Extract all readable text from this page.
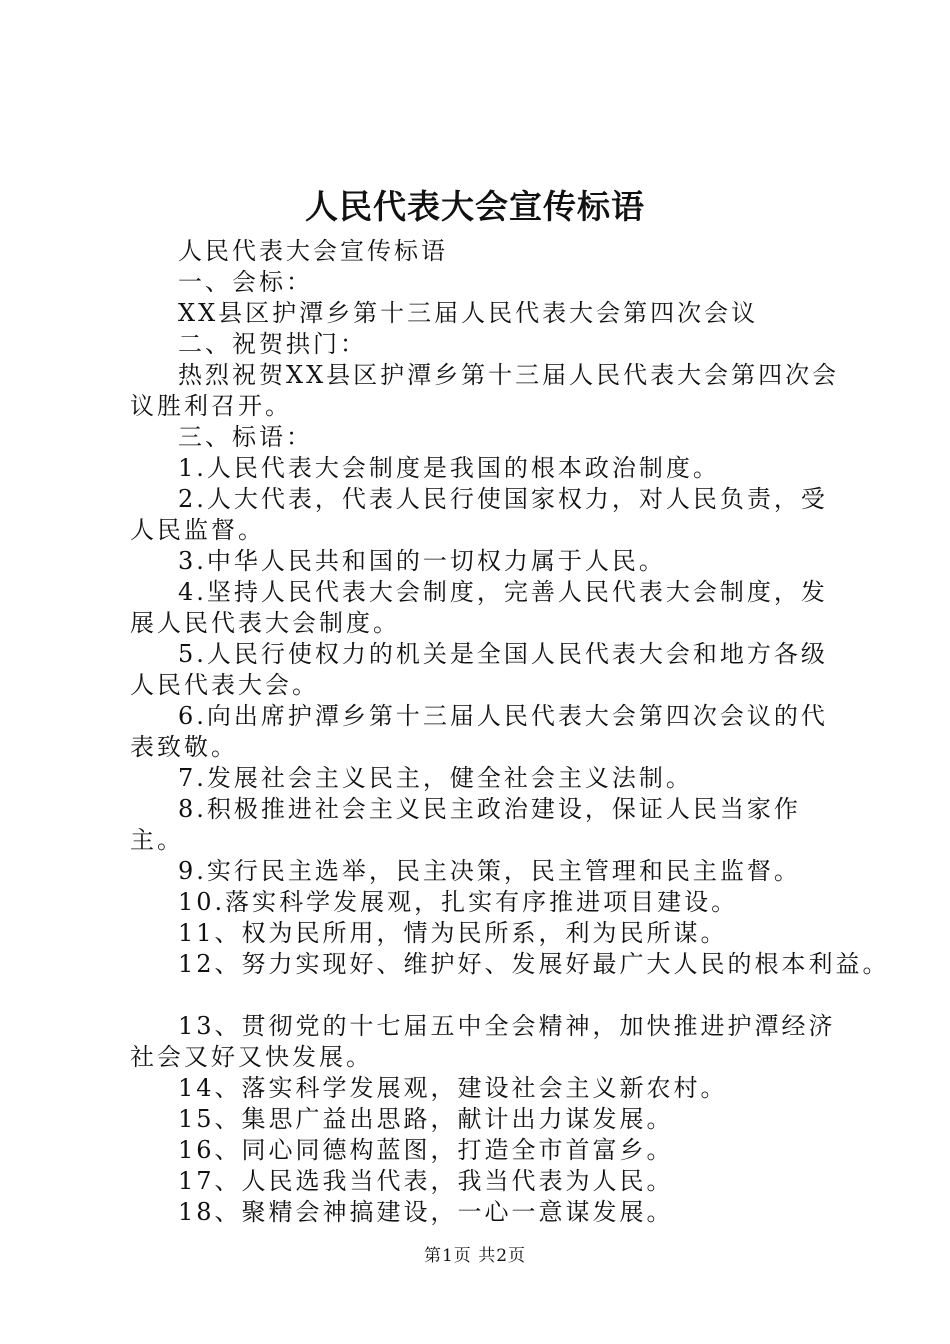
人民代表大会宣传标语

人民代表大会宣传标语

一、会标：

XX县区护潭乡第十三届人民代表大会第四次会议

二、祝贺拱门：

热烈祝贺XX县区护潭乡第十三届人民代表大会第四次会议胜利召开。

三、标语：

1.人民代表大会制度是我国的根本政治制度。

2.人大代表，代表人民行使国家权力，对人民负责，受人民监督。

3.中华人民共和国的一切权力属于人民。

4.坚持人民代表大会制度，完善人民代表大会制度，发展人民代表大会制度。

5.人民行使权力的机关是全国人民代表大会和地方各级人民代表大会。

6.向出席护潭乡第十三届人民代表大会第四次会议的代表致敬。

7.发展社会主义民主，健全社会主义法制。

8.积极推进社会主义民主政治建设，保证人民当家作主。

9.实行民主选举，民主决策，民主管理和民主监督。

10.落实科学发展观，扎实有序推进项目建设。

11、权为民所用，情为民所系，利为民所谋。

12、努力实现好、维护好、发展好最广大人民的根本利益。

13、贯彻党的十七届五中全会精神，加快推进护潭经济社会又好又快发展。

14、落实科学发展观，建设社会主义新农村。

15、集思广益出思路，献计出力谋发展。

16、同心同德构蓝图，打造全市首富乡。

17、人民选我当代表，我当代表为人民。

18、聚精会神搞建设，一心一意谋发展。

第1页 共2页
